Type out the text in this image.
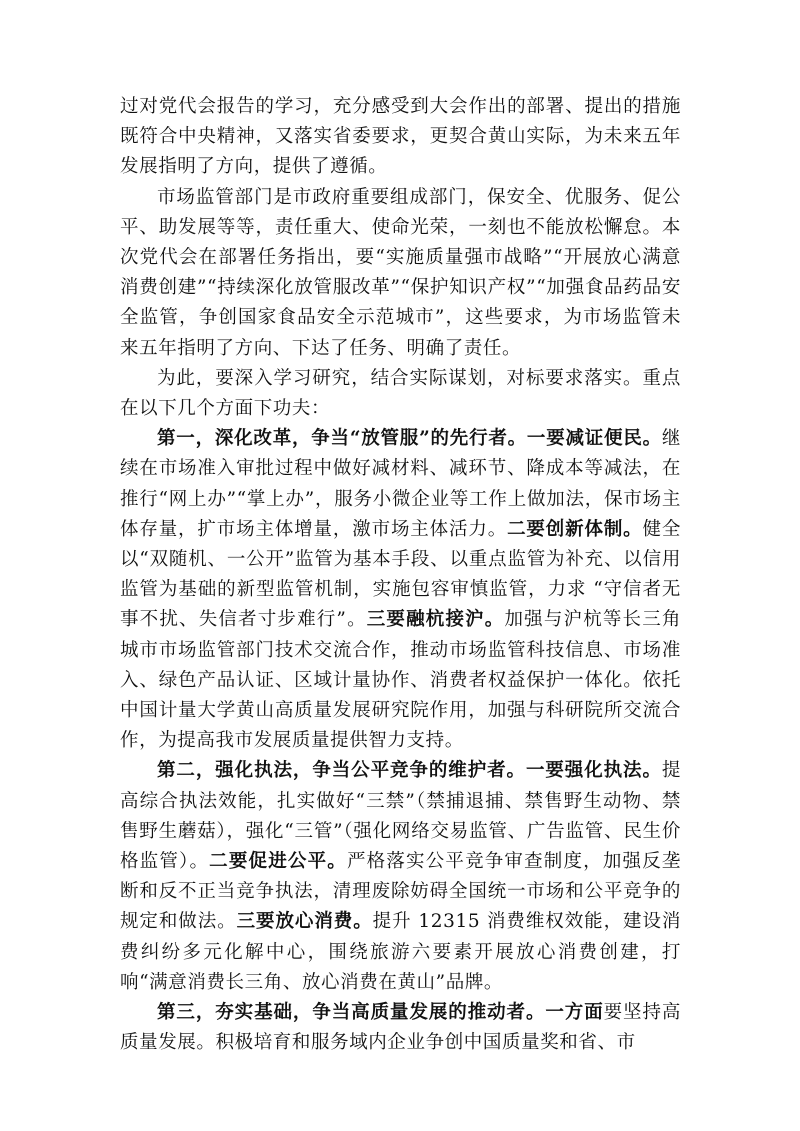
过对党代会报告的学习，充分感受到大会作出的部署、提出的措施既符合中央精神，又落实省委要求，更契合黄山实际，为未来五年发展指明了方向，提供了遵循。

市场监管部门是市政府重要组成部门，保安全、优服务、促公平、助发展等等，责任重大、使命光荣，一刻也不能放松懈怠。本次党代会在部署任务指出，要“实施质量强市战略”“开展放心满意消费创建”“持续深化放管服改革”“保护知识产权”“加强食品药品安全监管，争创国家食品安全示范城市”，这些要求，为市场监管未来五年指明了方向、下达了任务、明确了责任。

为此，要深入学习研究，结合实际谋划，对标要求落实。重点在以下几个方面下功夫：

第一，深化改革，争当“放管服”的先行者。一要减证便民。继续在市场准入审批过程中做好减材料、减环节、降成本等减法，在推行“网上办”“掌上办”，服务小微企业等工作上做加法，保市场主体存量，扩市场主体增量，激市场主体活力。二要创新体制。健全以“双随机、一公开”监管为基本手段、以重点监管为补充、以信用监管为基础的新型监管机制，实施包容审慎监管，力求 “守信者无事不扰、失信者寸步难行”。三要融杭接沪。加强与沪杭等长三角城市市场监管部门技术交流合作，推动市场监管科技信息、市场准入、绿色产品认证、区域计量协作、消费者权益保护一体化。依托中国计量大学黄山高质量发展研究院作用，加强与科研院所交流合作，为提高我市发展质量提供智力支持。

第二，强化执法，争当公平竞争的维护者。一要强化执法。提高综合执法效能，扎实做好“三禁”（禁捕退捕、禁售野生动物、禁售野生蘑菇），强化“三管”（强化网络交易监管、广告监管、民生价格监管）。二要促进公平。严格落实公平竞争审查制度，加强反垄断和反不正当竞争执法，清理废除妨碍全国统一市场和公平竞争的规定和做法。三要放心消费。提升 12315 消费维权效能，建设消费纠纷多元化解中心，围绕旅游六要素开展放心消费创建，打响“满意消费长三角、放心消费在黄山”品牌。

第三，夯实基础，争当高质量发展的推动者。一方面要坚持高质量发展。积极培育和服务域内企业争创中国质量奖和省、市
